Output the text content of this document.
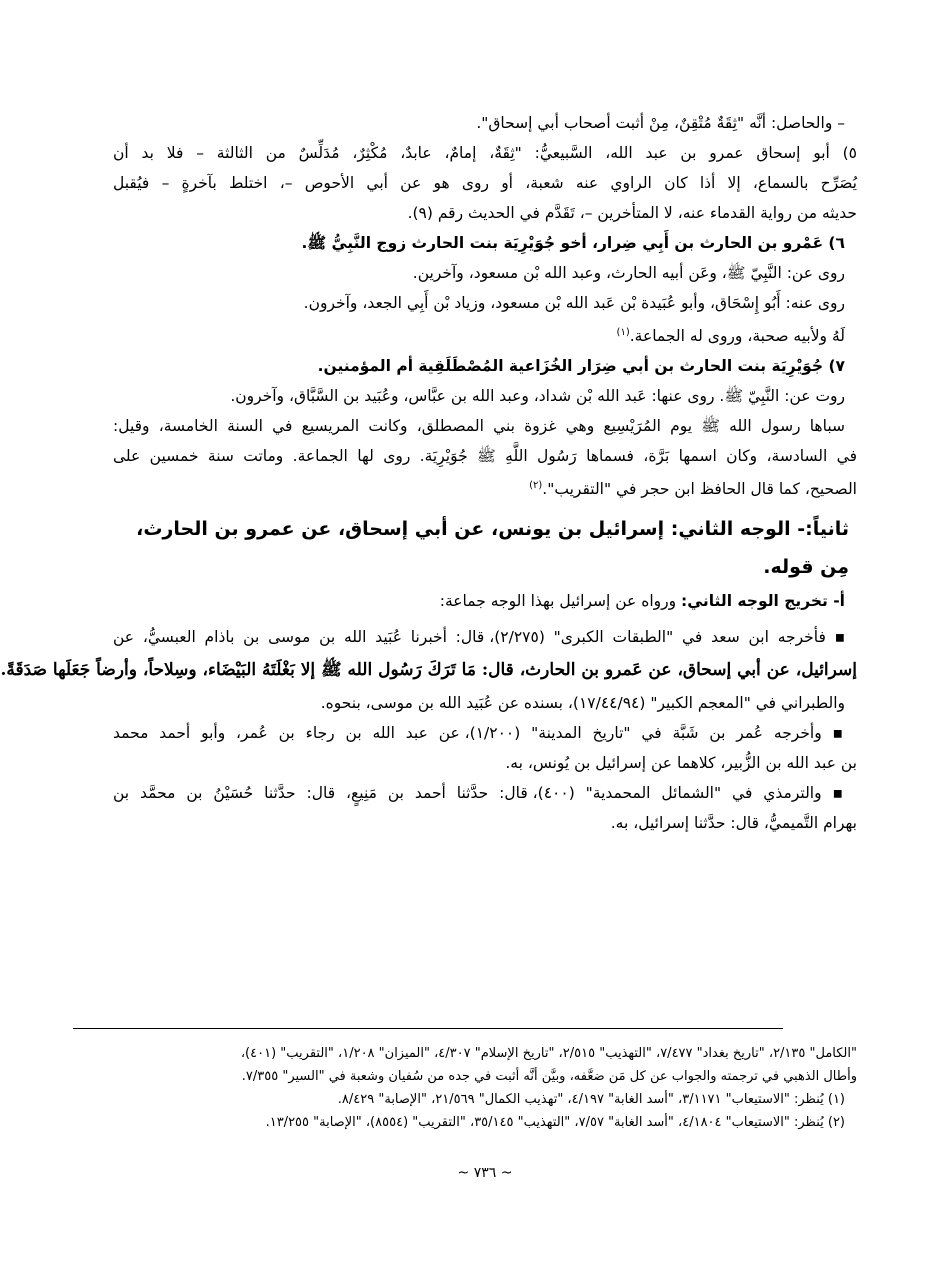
– والحاصل: أنَّه "ثِقَةٌ مُتْقِنٌ، مِنْ أثبت أصحاب أبي إسحاق".
٥) أبو إسحاق عمرو بن عبد الله، السَّبيعيُّ: "ثِقَةٌ، إمامٌ، عابدٌ، مُكْثِرٌ، مُدَلِّسٌ من الثالثة – فلا بد أن
يُصَرِّح بالسماع، إلا أذا كان الراوي عنه شعبة، أو روى هو عن أبي الأحوص –، اختلط بآخرةٍ – فيُقبل
حديثه من رواية القدماء عنه، لا المتأخرين –، تَقَدَّم في الحديث رقم (٩).
٦) عَمْرو بن الحارث بن أَبِي ضِرار، أخو جُوَيْرِيَة بنت الحارث زوج النَّبِيُّ ﷺ.
روى عن: النَّبِيّ ﷺ، وعَن أبيه الحارث، وعبد الله بْن مسعود، وآخرين.
روى عنه: أَبُو إِسْحَاق، وأبو عُبَيدة بْن عَبد الله بْن مسعود، وزياد بْن أَبِي الجعد، وآخرون.
لَهُ ولأبيه صحبة، وروى له الجماعة.$^{(١)}$
٧) جُوَيْرِيَة بنت الحارث بن أبي ضِرَار الخُزَاعية المُصْطَلَقِية أم المؤمنين.
روت عن: النَّبِيّ ﷺ. روى عنها: عَبد الله بْن شداد، وعبد الله بن عبَّاس، وعُبَيد بن السَّبَّاق، وآخرون.
سباها رسول الله ﷺ يوم المُرَيْسِيع وهي غزوة بني المصطلق، وكانت المريسيع في السنة الخامسة، وقيل:
في السادسة، وكان اسمها بَرَّة، فسماها رَسُول اللَّهِ ﷺ جُوَيْرِيَة. روى لها الجماعة. وماتت سنة خمسين على
الصحيح، كما قال الحافظ ابن حجر في "التقريب".$^{(٢)}$
ثانياً:- الوجه الثاني: إسرائيل بن يونس، عن أبي إسحاق، عن عمرو بن الحارث، مِن قوله.
أ- تخريج الوجه الثاني: ورواه عن إسرائيل بهذا الوجه جماعة:
▪ فأخرجه ابن سعد في "الطبقات الكبرى" (٢/٢٧٥)، قال: أخبرنا عُبَيد الله بن موسى بن باذام العبسيُّ، عن
إسرائيل، عن أبي إسحاق، عن عَمرو بن الحارث، قال: مَا تَرَكَ رَسُول الله ﷺ إلا بَغْلَتَهُ البَيْضَاء، وسِلاحاً، وأرضاً جَعَلَها صَدَقَةً.
والطبراني في "المعجم الكبير" (١٧/٤٤/٩٤)، بسنده عن عُبَيد الله بن موسى، بنحوه.
▪ وأخرجه عُمر بن شَبَّة في "تاريخ المدينة" (١/٢٠٠)، عن عبد الله بن رجاء بن عُمر، وأبو أحمد محمد
بن عبد الله بن الزُّبير، كلاهما عن إسرائيل بن يُونس، به.
▪ والترمذي في "الشمائل المحمدية" (٤٠٠)، قال: حدَّثنا أحمد بن مَنِيعٍ، قال: حدَّثنا حُسَيْنُ بن محمَّد بن
بهرام التَّميميُّ، قال: حدَّثنا إسرائيل، به.
"الكامل" ٢/١٣٥، "تاريخ بغداد" ٧/٤٧٧، "التهذيب" ٢/٥١٥، "تاريخ الإسلام" ٤/٣٠٧، "الميزان" ١/٢٠٨، "التقريب" (٤٠١)،
وأطال الذهبي في ترجمته والجواب عن كل مَن ضعَّفه، وبيَّن أنَّه أثبت في جده من سُفيان وشعبة في "السير" ٧/٣٥٥.
(١) يُنظر: "الاستيعاب" ٣/١١٧١، "أسد الغابة" ٤/١٩٧، "تهذيب الكمال" ٢١/٥٦٩، "الإصابة" ٨/٤٢٩.
(٢) يُنظر: "الاستيعاب" ٤/١٨٠٤، "أسد الغابة" ٧/٥٧، "التهذيب" ٣٥/١٤٥، "التقريب" (٨٥٥٤)، "الإصابة" ١٣/٢٥٥.
~ ٧٣٦ ~
